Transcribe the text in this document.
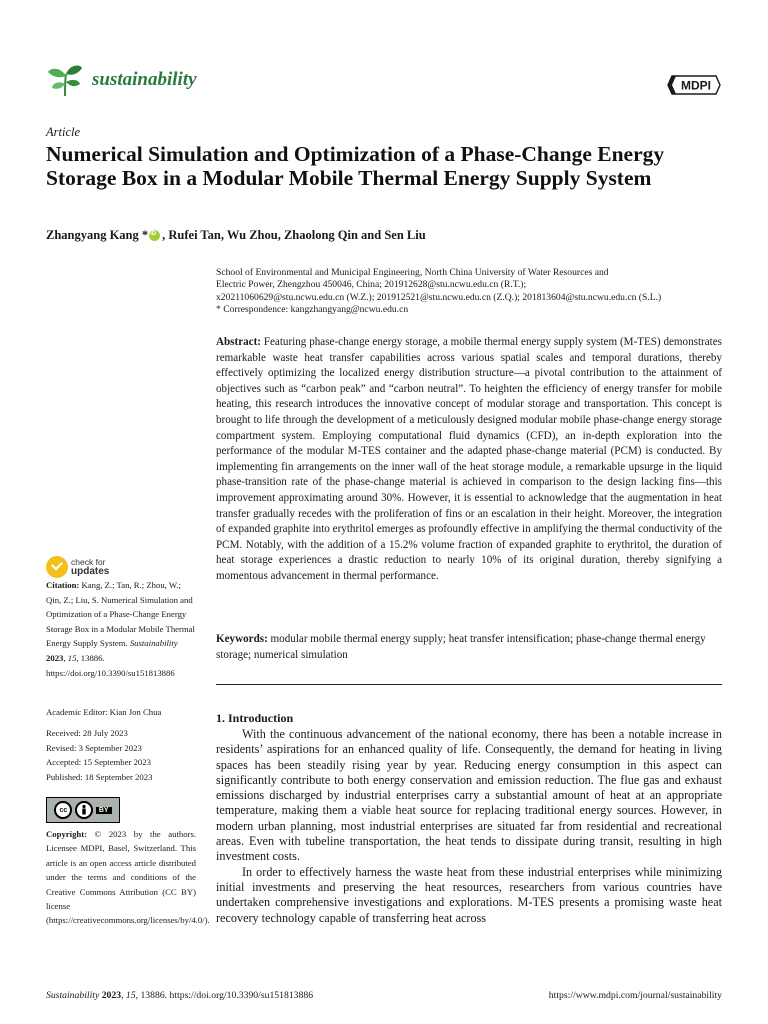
sustainability	MDPI
Article
Numerical Simulation and Optimization of a Phase-Change Energy Storage Box in a Modular Mobile Thermal Energy Supply System
Zhangyang Kang *
iD , Rufei Tan, Wu Zhou, Zhaolong Qin and Sen Liu

School of Environmental and Municipal Engineering, North China University of Water Resources and

Electric Power, Zhengzhou 450046, China; 201912628@stu.ncwu.edu.cn (R.T.);

x20211060629@stu.ncwu.edu.cn (W.Z.); 201912521@stu.ncwu.edu.cn (Z.Q.); 201813604@stu.ncwu.edu.cn (S.L.)

* Correspondence: kangzhangyang@ncwu.edu.cn

Abstract: Featuring phase-change energy storage, a mobile thermal energy supply system (M-TES) demonstrates remarkable waste heat transfer capabilities across various spatial scales and temporal durations, thereby effectively optimizing the localized energy distribution structure—a pivotal contribution to the attainment of objectives such as “carbon peak” and “carbon neutral”. To heighten the efficiency of energy transfer for mobile heating, this research introduces the innovative concept of modular storage and transportation. This concept is brought to life through the development of a meticulously designed modular mobile phase-change energy storage compartment system. Employing computational fluid dynamics (CFD), an in-depth exploration into the performance of the modular M-TES container and the adapted phase-change material (PCM) is conducted. By implementing fin arrangements on the inner wall of the heat storage module, a remarkable upsurge in the liquid phase-transition rate of the phase-change material is achieved in comparison to the design lacking fins—this improvement approximating around 30%. However, it is essential to acknowledge that the augmentation in heat transfer gradually recedes with the proliferation of fins or an escalation in their height. Moreover, the integration of expanded graphite into erythritol emerges as profoundly effective in amplifying the thermal conductivity of the PCM. Notably, with the addition of a 15.2% volume fraction of expanded graphite to erythritol, the duration of heat storage experiences a drastic reduction to nearly 10% of its original duration, thereby signifying a momentous advancement in thermal performance.
Keywords: modular mobile thermal energy supply; heat transfer intensification; phase-change thermal energy storage; numerical simulation
1. Introduction

With the continuous advancement of the national economy, there has been a notable increase in residents’ aspirations for an enhanced quality of life. Consequently, the demand for heating in living spaces has been steadily rising year by year. Reducing energy consumption in this aspect can significantly contribute to both energy conservation and emission reduction. The flue gas and exhaust emissions discharged by industrial enterprises carry a substantial amount of heat at an appropriate temperature, making them a viable heat source for replacing traditional energy sources. However, in modern urban planning, most industrial enterprises are situated far from residential and recreational areas. Even with tubeline transportation, the heat tends to dissipate during transit, resulting in high investment costs.

In order to effectively harness the waste heat from these industrial enterprises while minimizing initial investments and preserving the heat resources, researchers from various countries have undertaken comprehensive investigations and explorations. M-TES presents a promising waste heat recovery technology capable of transferring heat across

check for
updates
Citation: Kang, Z.; Tan, R.; Zhou, W.; Qin, Z.; Liu, S. Numerical Simulation and Optimization of a Phase-Change Energy Storage Box in a Modular Mobile Thermal Energy Supply System. Sustainability 2023, 15, 13886. https://doi.org/10.3390/su151813886
Academic Editor: Kian Jon Chua
Received: 28 July 2023
Revised: 3 September 2023
Accepted: 15 September 2023
Published: 18 September 2023
cc	BY
Copyright: © 2023 by the authors. Licensee MDPI, Basel, Switzerland. This article is an open access article distributed under the terms and conditions of the Creative Commons Attribution (CC BY) license (https://creativecommons.org/licenses/by/4.0/).
Sustainability 2023, 15, 13886. https://doi.org/10.3390/su151813886	https://www.mdpi.com/journal/sustainability
